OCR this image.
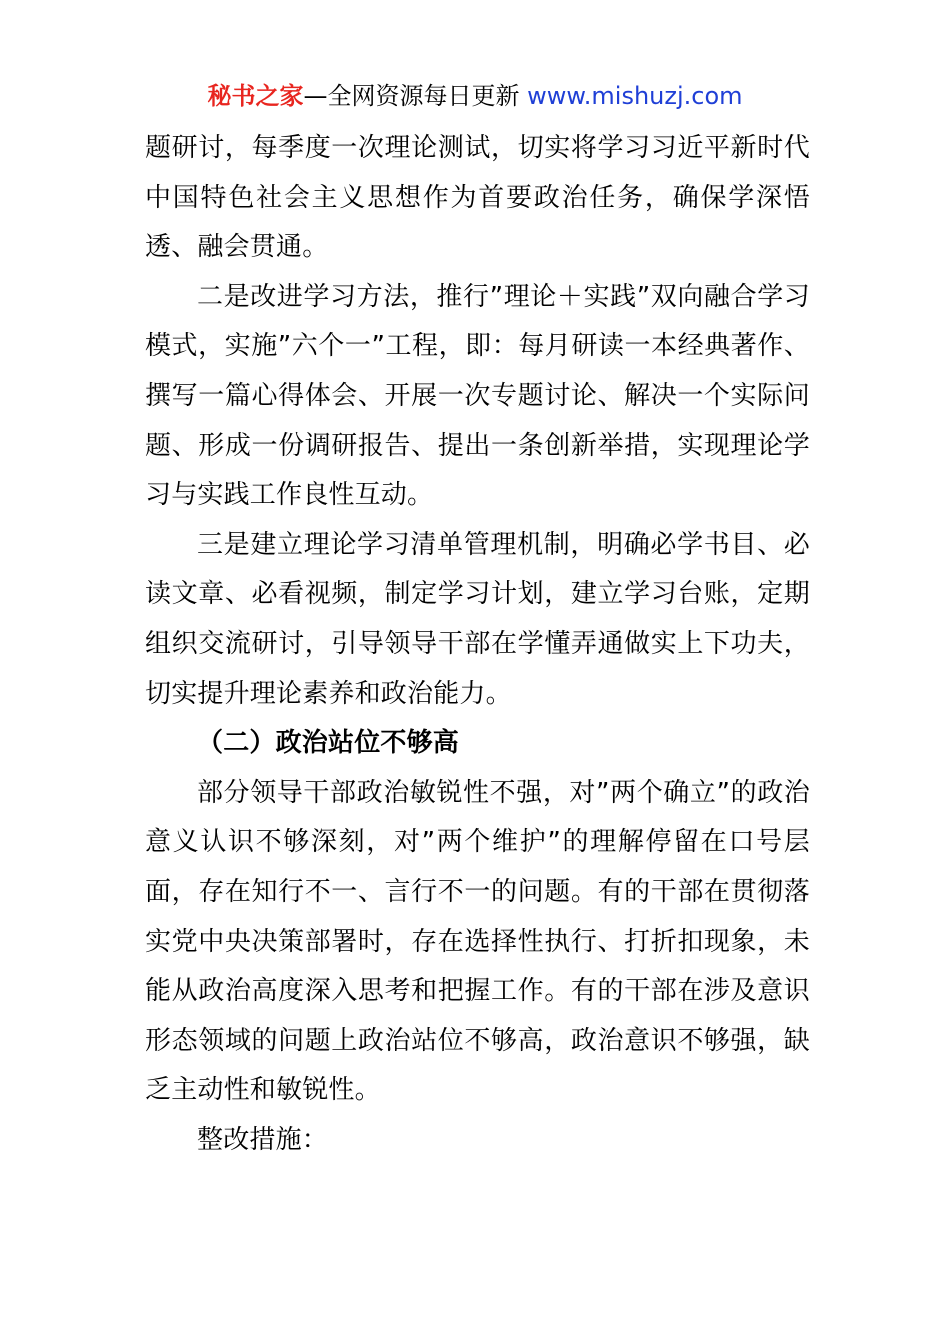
秘书之家—全网资源每日更新 www.mishuzj.com

题研讨，每季度一次理论测试，切实将学习习近平新时代中国特色社会主义思想作为首要政治任务，确保学深悟透、融会贯通。

二是改进学习方法，推行”理论＋实践”双向融合学习模式，实施”六个一”工程，即：每月研读一本经典著作、撰写一篇心得体会、开展一次专题讨论、解决一个实际问题、形成一份调研报告、提出一条创新举措，实现理论学习与实践工作良性互动。

三是建立理论学习清单管理机制，明确必学书目、必读文章、必看视频，制定学习计划，建立学习台账，定期组织交流研讨，引导领导干部在学懂弄通做实上下功夫，切实提升理论素养和政治能力。

（二）政治站位不够高

部分领导干部政治敏锐性不强，对”两个确立”的政治意义认识不够深刻，对”两个维护”的理解停留在口号层面，存在知行不一、言行不一的问题。有的干部在贯彻落实党中央决策部署时，存在选择性执行、打折扣现象，未能从政治高度深入思考和把握工作。有的干部在涉及意识形态领域的问题上政治站位不够高，政治意识不够强，缺乏主动性和敏锐性。

整改措施：
